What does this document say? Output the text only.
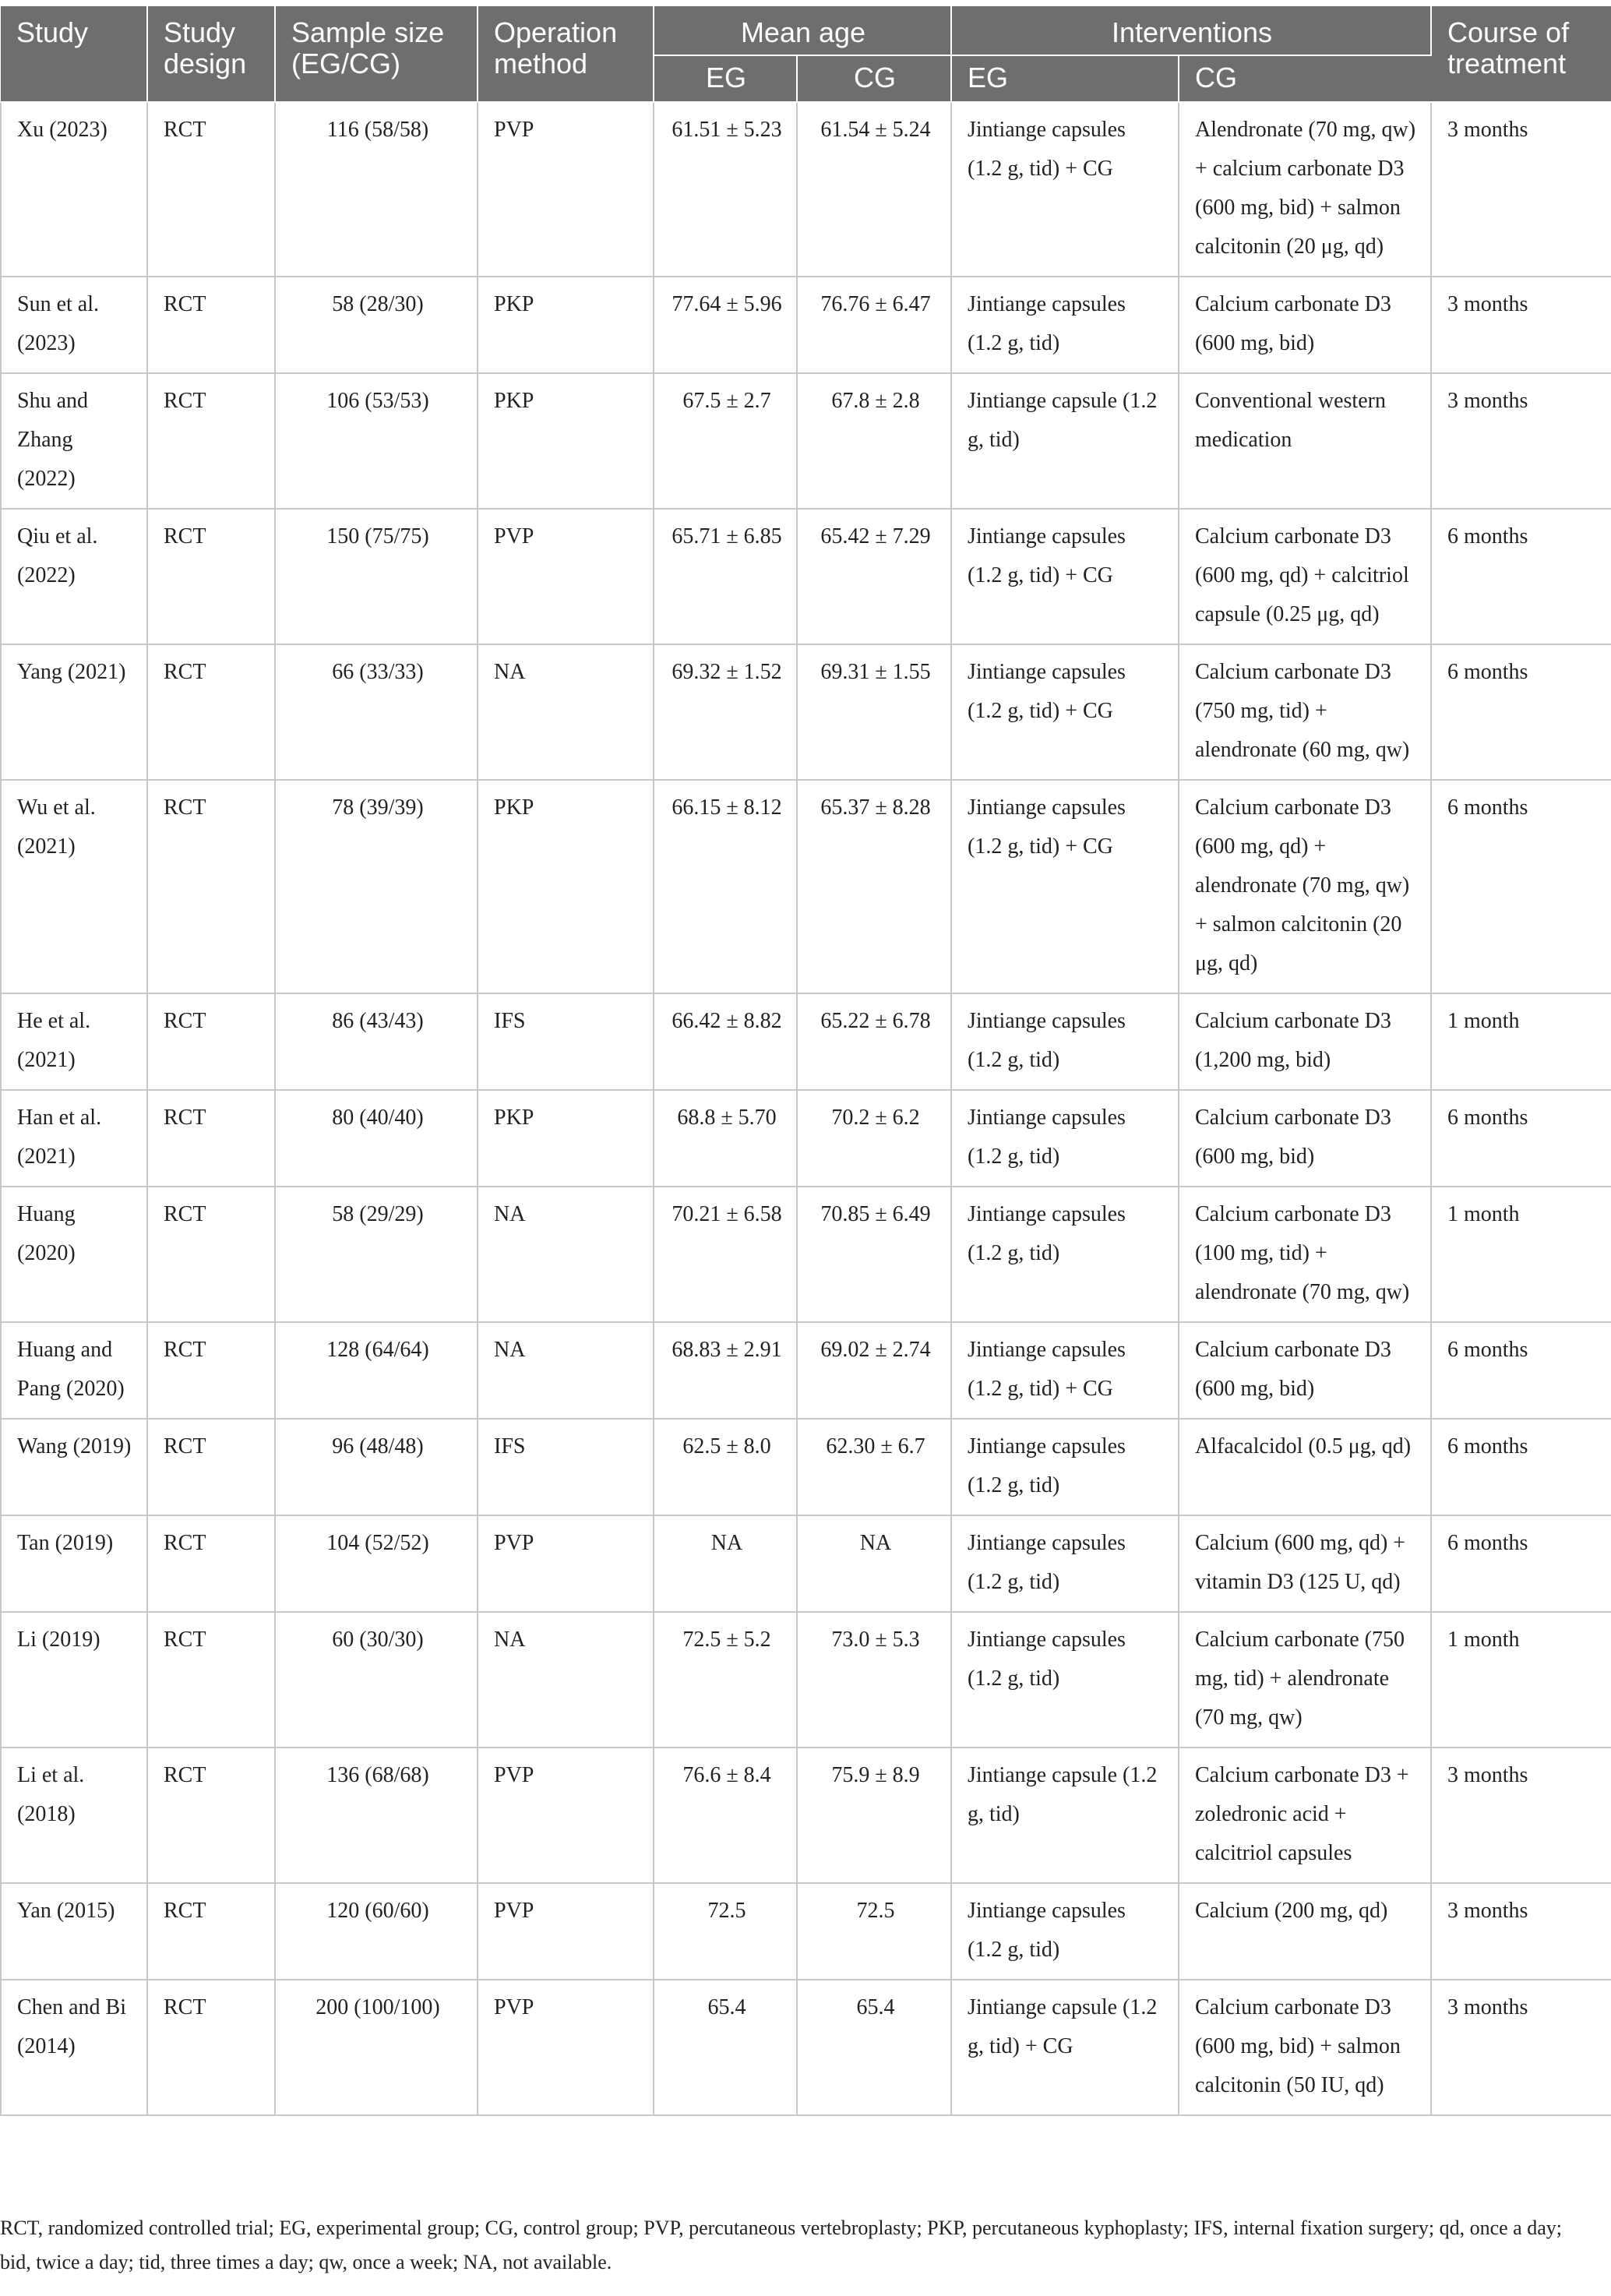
Study	Study design	Sample size (EG/CG)	Operation method	Mean age		Interventions		Course of treatment
				EG	CG	EG	CG	
Xu (2023)	RCT	116 (58/58)	PVP	61.51 ± 5.23	61.54 ± 5.24	Jintiange capsules (1.2 g, tid) + CG	Alendronate (70 mg, qw) + calcium carbonate D3 (600 mg, bid) + salmon calcitonin (20 μg, qd)	3 months
Sun et al. (2023)	RCT	58 (28/30)	PKP	77.64 ± 5.96	76.76 ± 6.47	Jintiange capsules (1.2 g, tid)	Calcium carbonate D3 (600 mg, bid)	3 months
Shu and Zhang (2022)	RCT	106 (53/53)	PKP	67.5 ± 2.7	67.8 ± 2.8	Jintiange capsule (1.2 g, tid)	Conventional western medication	3 months
Qiu et al. (2022)	RCT	150 (75/75)	PVP	65.71 ± 6.85	65.42 ± 7.29	Jintiange capsules (1.2 g, tid) + CG	Calcium carbonate D3 (600 mg, qd) + calcitriol capsule (0.25 μg, qd)	6 months
Yang (2021)	RCT	66 (33/33)	NA	69.32 ± 1.52	69.31 ± 1.55	Jintiange capsules (1.2 g, tid) + CG	Calcium carbonate D3 (750 mg, tid) + alendronate (60 mg, qw)	6 months
Wu et al. (2021)	RCT	78 (39/39)	PKP	66.15 ± 8.12	65.37 ± 8.28	Jintiange capsules (1.2 g, tid) + CG	Calcium carbonate D3 (600 mg, qd) + alendronate (70 mg, qw) + salmon calcitonin (20 μg, qd)	6 months
He et al. (2021)	RCT	86 (43/43)	IFS	66.42 ± 8.82	65.22 ± 6.78	Jintiange capsules (1.2 g, tid)	Calcium carbonate D3 (1,200 mg, bid)	1 month
Han et al. (2021)	RCT	80 (40/40)	PKP	68.8 ± 5.70	70.2 ± 6.2	Jintiange capsules (1.2 g, tid)	Calcium carbonate D3 (600 mg, bid)	6 months
Huang (2020)	RCT	58 (29/29)	NA	70.21 ± 6.58	70.85 ± 6.49	Jintiange capsules (1.2 g, tid)	Calcium carbonate D3 (100 mg, tid) + alendronate (70 mg, qw)	1 month
Huang and Pang (2020)	RCT	128 (64/64)	NA	68.83 ± 2.91	69.02 ± 2.74	Jintiange capsules (1.2 g, tid) + CG	Calcium carbonate D3 (600 mg, bid)	6 months
Wang (2019)	RCT	96 (48/48)	IFS	62.5 ± 8.0	62.30 ± 6.7	Jintiange capsules (1.2 g, tid)	Alfacalcidol (0.5 μg, qd)	6 months
Tan (2019)	RCT	104 (52/52)	PVP	NA	NA	Jintiange capsules (1.2 g, tid)	Calcium (600 mg, qd) + vitamin D3 (125 U, qd)	6 months
Li (2019)	RCT	60 (30/30)	NA	72.5 ± 5.2	73.0 ± 5.3	Jintiange capsules (1.2 g, tid)	Calcium carbonate (750 mg, tid) + alendronate (70 mg, qw)	1 month
Li et al. (2018)	RCT	136 (68/68)	PVP	76.6 ± 8.4	75.9 ± 8.9	Jintiange capsule (1.2 g, tid)	Calcium carbonate D3 + zoledronic acid + calcitriol capsules	3 months
Yan (2015)	RCT	120 (60/60)	PVP	72.5	72.5	Jintiange capsules (1.2 g, tid)	Calcium (200 mg, qd)	3 months
Chen and Bi (2014)	RCT	200 (100/100)	PVP	65.4	65.4	Jintiange capsule (1.2 g, tid) + CG	Calcium carbonate D3 (600 mg, bid) + salmon calcitonin (50 IU, qd)	3 months
RCT, randomized controlled trial; EG, experimental group; CG, control group; PVP, percutaneous vertebroplasty; PKP, percutaneous kyphoplasty; IFS, internal fixation surgery; qd, once a day; bid, twice a day; tid, three times a day; qw, once a week; NA, not available.
